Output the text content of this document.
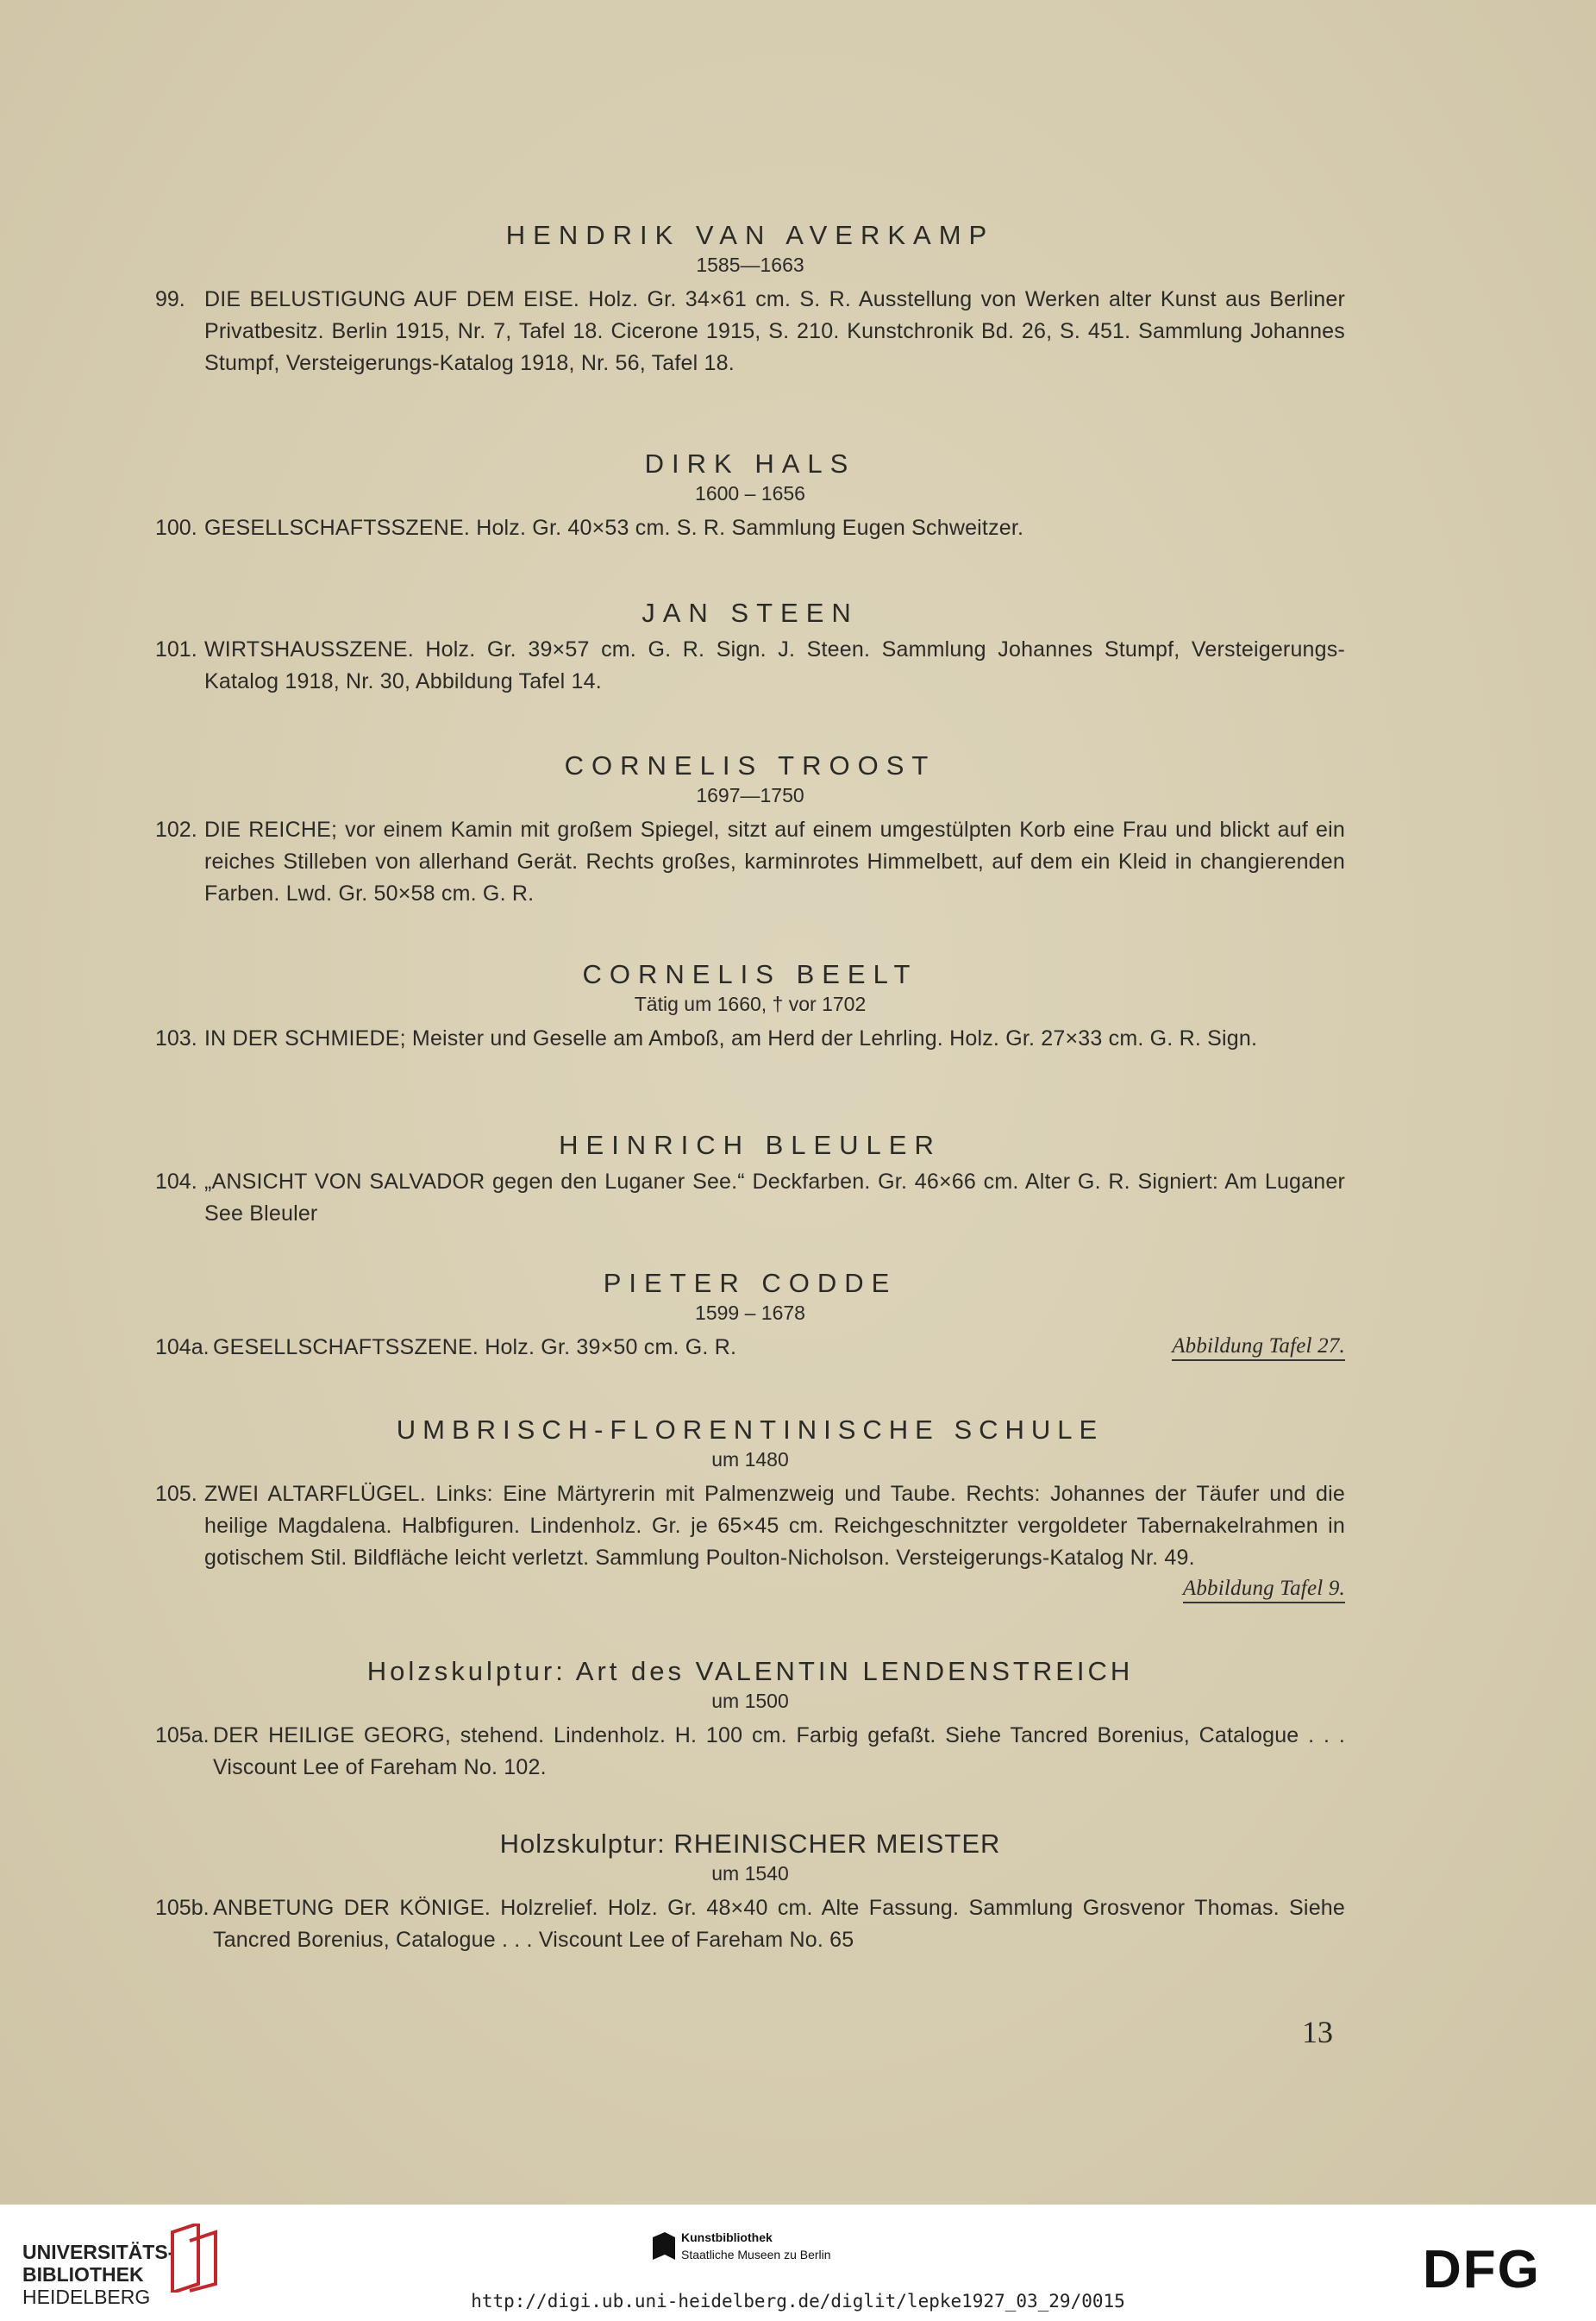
HENDRIK VAN AVERKAMP
1585—1663
99. DIE BELUSTIGUNG AUF DEM EISE. Holz. Gr. 34×61 cm. S. R. Ausstellung von Werken alter Kunst aus Berliner Privatbesitz. Berlin 1915, Nr. 7, Tafel 18. Cicerone 1915, S. 210. Kunstchronik Bd. 26, S. 451. Sammlung Johannes Stumpf, Versteigerungs-Katalog 1918, Nr. 56, Tafel 18.
DIRK HALS
1600 – 1656
100. GESELLSCHAFTSSZENE. Holz. Gr. 40×53 cm. S. R. Sammlung Eugen Schweitzer.
JAN STEEN
101. WIRTSHAUSSZENE. Holz. Gr. 39×57 cm. G. R. Sign. J. Steen. Sammlung Johannes Stumpf, Versteigerungs-Katalog 1918, Nr. 30, Abbildung Tafel 14.
CORNELIS TROOST
1697—1750
102. DIE REICHE; vor einem Kamin mit großem Spiegel, sitzt auf einem umgestülpten Korb eine Frau und blickt auf ein reiches Stilleben von allerhand Gerät. Rechts großes, karminrotes Himmelbett, auf dem ein Kleid in changierenden Farben. Lwd. Gr. 50×58 cm. G. R.
CORNELIS BEELT
Tätig um 1660, † vor 1702
103. IN DER SCHMIEDE; Meister und Geselle am Amboß, am Herd der Lehrling. Holz. Gr. 27×33 cm. G. R. Sign.
HEINRICH BLEULER
104. „ANSICHT VON SALVADOR gegen den Luganer See.“ Deckfarben. Gr. 46×66 cm. Alter G. R. Signiert: Am Luganer See Bleuler
PIETER CODDE
1599 – 1678
104a.	Abbildung Tafel 27.
GESELLSCHAFTSSZENE. Holz. Gr. 39×50 cm. G. R.
UMBRISCH-FLORENTINISCHE SCHULE
um 1480
105. ZWEI ALTARFLÜGEL. Links: Eine Märtyrerin mit Palmenzweig und Taube. Rechts: Johannes der Täufer und die heilige Magdalena. Halbfiguren. Lindenholz. Gr. je 65×45 cm. Reichgeschnitzter vergoldeter Tabernakelrahmen in gotischem Stil. Bildfläche leicht verletzt. Sammlung Poulton-Nicholson. Versteigerungs-Katalog Nr. 49.
Abbildung Tafel 9.
Holzskulptur: Art des VALENTIN LENDENSTREICH
um 1500
105a. DER HEILIGE GEORG, stehend. Lindenholz. H. 100 cm. Farbig gefaßt. Siehe Tancred Borenius, Catalogue . . . Viscount Lee of Fareham No. 102.
Holzskulptur: RHEINISCHER MEISTER
um 1540
105b. ANBETUNG DER KÖNIGE. Holzrelief. Holz. Gr. 48×40 cm. Alte Fassung. Sammlung Grosvenor Thomas. Siehe Tancred Borenius, Catalogue . . . Viscount Lee of Fareham No. 65
13
UNIVERSITÄTS-
BIBLIOTHEK
HEIDELBERG
Kunstbibliothek
Staatliche Museen zu Berlin	DFG
http://digi.ub.uni-heidelberg.de/diglit/lepke1927_03_29/0015
